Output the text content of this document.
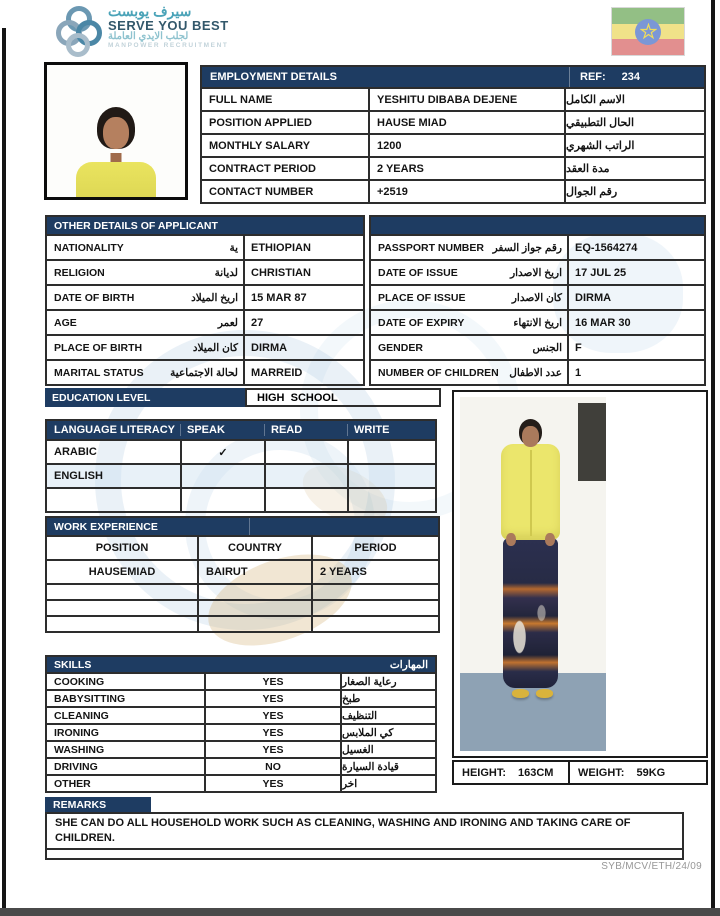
سيرف يوبست
SERVE YOU BEST
لجلب الايدي العاملة
MANPOWER RECRUITMENT
EMPLOYMENT DETAILS	REF: 234
FULL NAME	YESHITU DIBABA DEJENE	الاسم الكامل
POSITION APPLIED	HAUSE MIAD	الحال التطبيقي
MONTHLY SALARY	1200	الراتب الشهري
CONTRACT PERIOD	2 YEARS	مدة العقد
CONTACT NUMBER	+2519	رقم الجوال
OTHER DETAILS OF APPLICANT
NATIONALITY	ية	ETHIOPIAN
RELIGION	لديانة	CHRISTIAN
DATE OF BIRTH	اريخ الميلاد	15 MAR 87
AGE	لعمر	27
PLACE OF BIRTH	كان الميلاد	DIRMA
MARITAL STATUS	لحالة الاجتماعية	MARREID
PASSPORT NUMBER رقم جواز السفر	EQ-1564274
DATE OF ISSUE	اريخ الاصدار	17 JUL 25
PLACE OF ISSUE	كان الاصدار	DIRMA
DATE OF EXPIRY	اريخ الانتهاء	16 MAR 30
GENDER	الجنس	F
NUMBER OF CHILDREN عدد الاطفال	1
EDUCATION LEVEL	HIGH  SCHOOL
LANGUAGE LITERACY	SPEAK	READ	WRITE
ARABIC	✓
ENGLISH
WORK EXPERIENCE
POSITION	COUNTRY	PERIOD
HAUSEMIAD	BAIRUT	2 YEARS
SKILLS	المهارات
COOKING	YES	رعاية الصغار
BABYSITTING	YES	طبخ
CLEANING	YES	التنظيف
IRONING	YES	كي الملابس
WASHING	YES	الغسيل
DRIVING	NO	قيادة السيارة
OTHER	YES	اخر
HEIGHT: 163CM WEIGHT: 59KG
REMARKS
SHE CAN DO ALL HOUSEHOLD WORK SUCH AS CLEANING, WASHING AND IRONING AND TAKING CARE OF CHILDREN.
SYB/MCV/ETH/24/09
